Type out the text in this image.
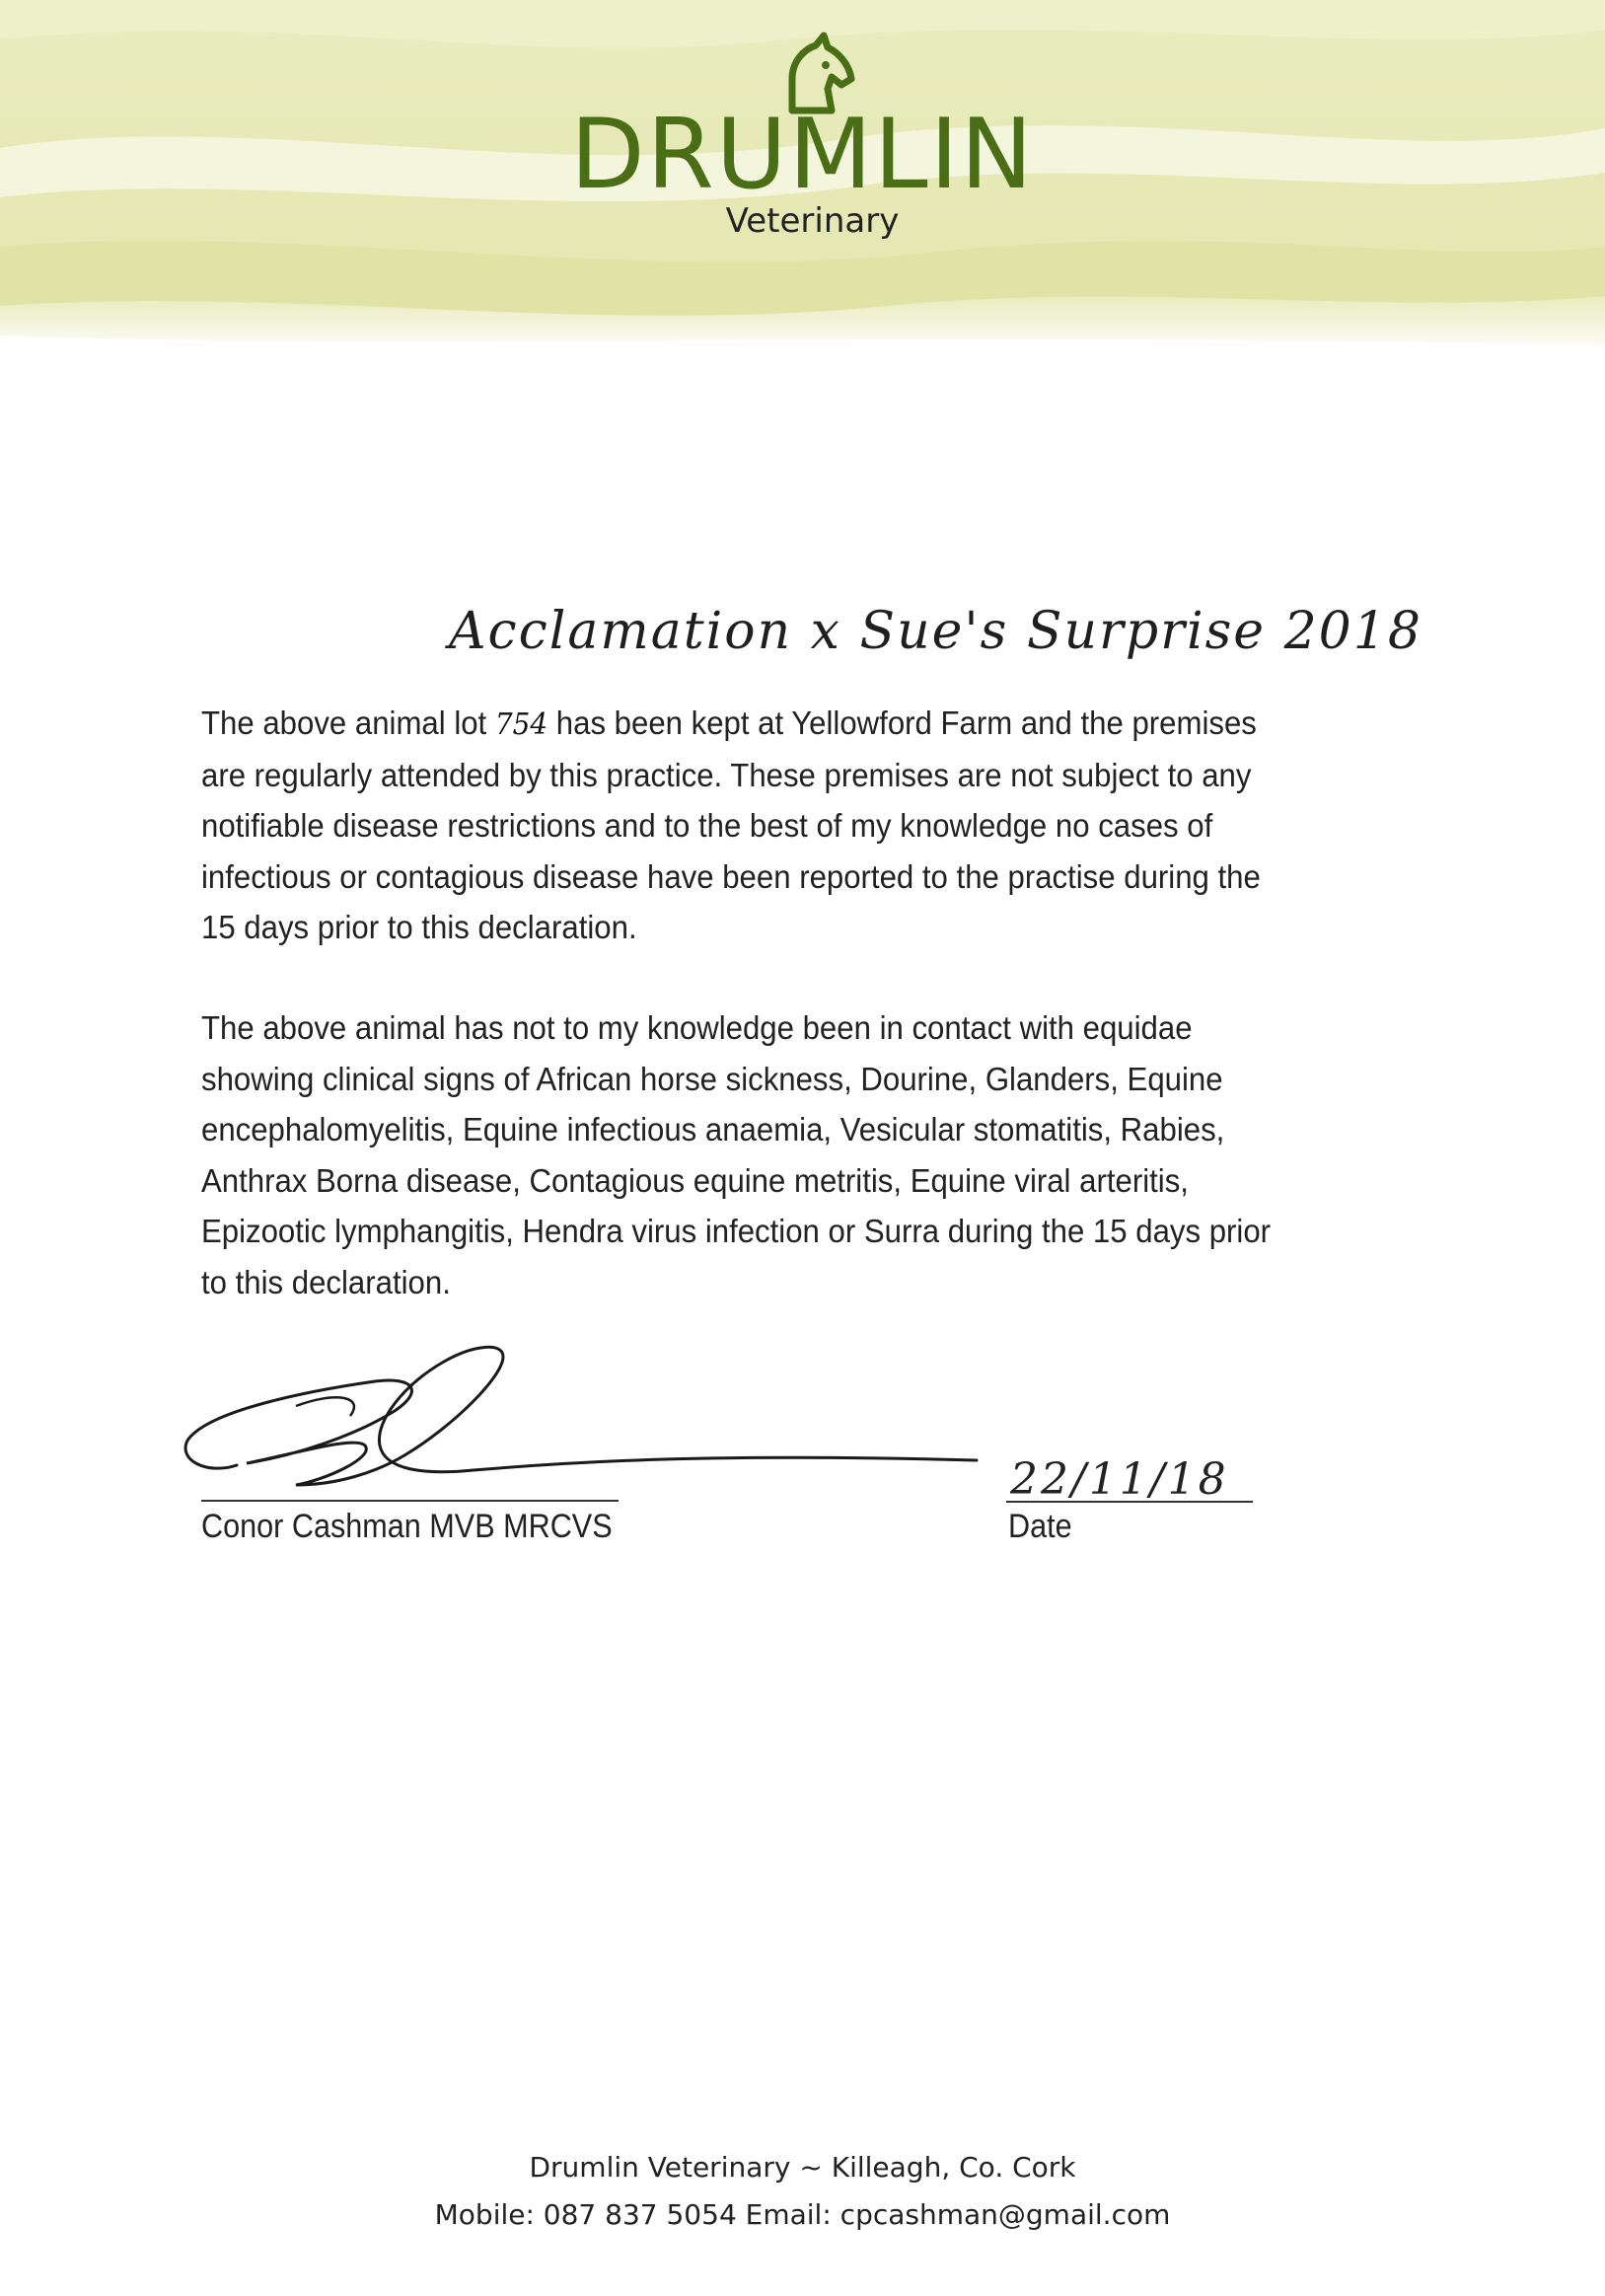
DRUMLIN
Veterinary
Acclamation x Sue's Surprise 2018
The above animal lot 754 has been kept at Yellowford Farm and the premises are regularly attended by this practice. These premises are not subject to any notifiable disease restrictions and to the best of my knowledge no cases of infectious or contagious disease have been reported to the practise during the 15 days prior to this declaration.
The above animal has not to my knowledge been in contact with equidae showing clinical signs of African horse sickness, Dourine, Glanders, Equine encephalomyelitis, Equine infectious anaemia, Vesicular stomatitis, Rabies, Anthrax Borna disease, Contagious equine metritis, Equine viral arteritis, Epizootic lymphangitis, Hendra virus infection or Surra during the 15 days prior to this declaration.
Conor Cashman MVB MRCVS
22/11/18
Date
Drumlin Veterinary ~ Killeagh, Co. Cork
Mobile: 087 837 5054 Email: cpcashman@gmail.com
